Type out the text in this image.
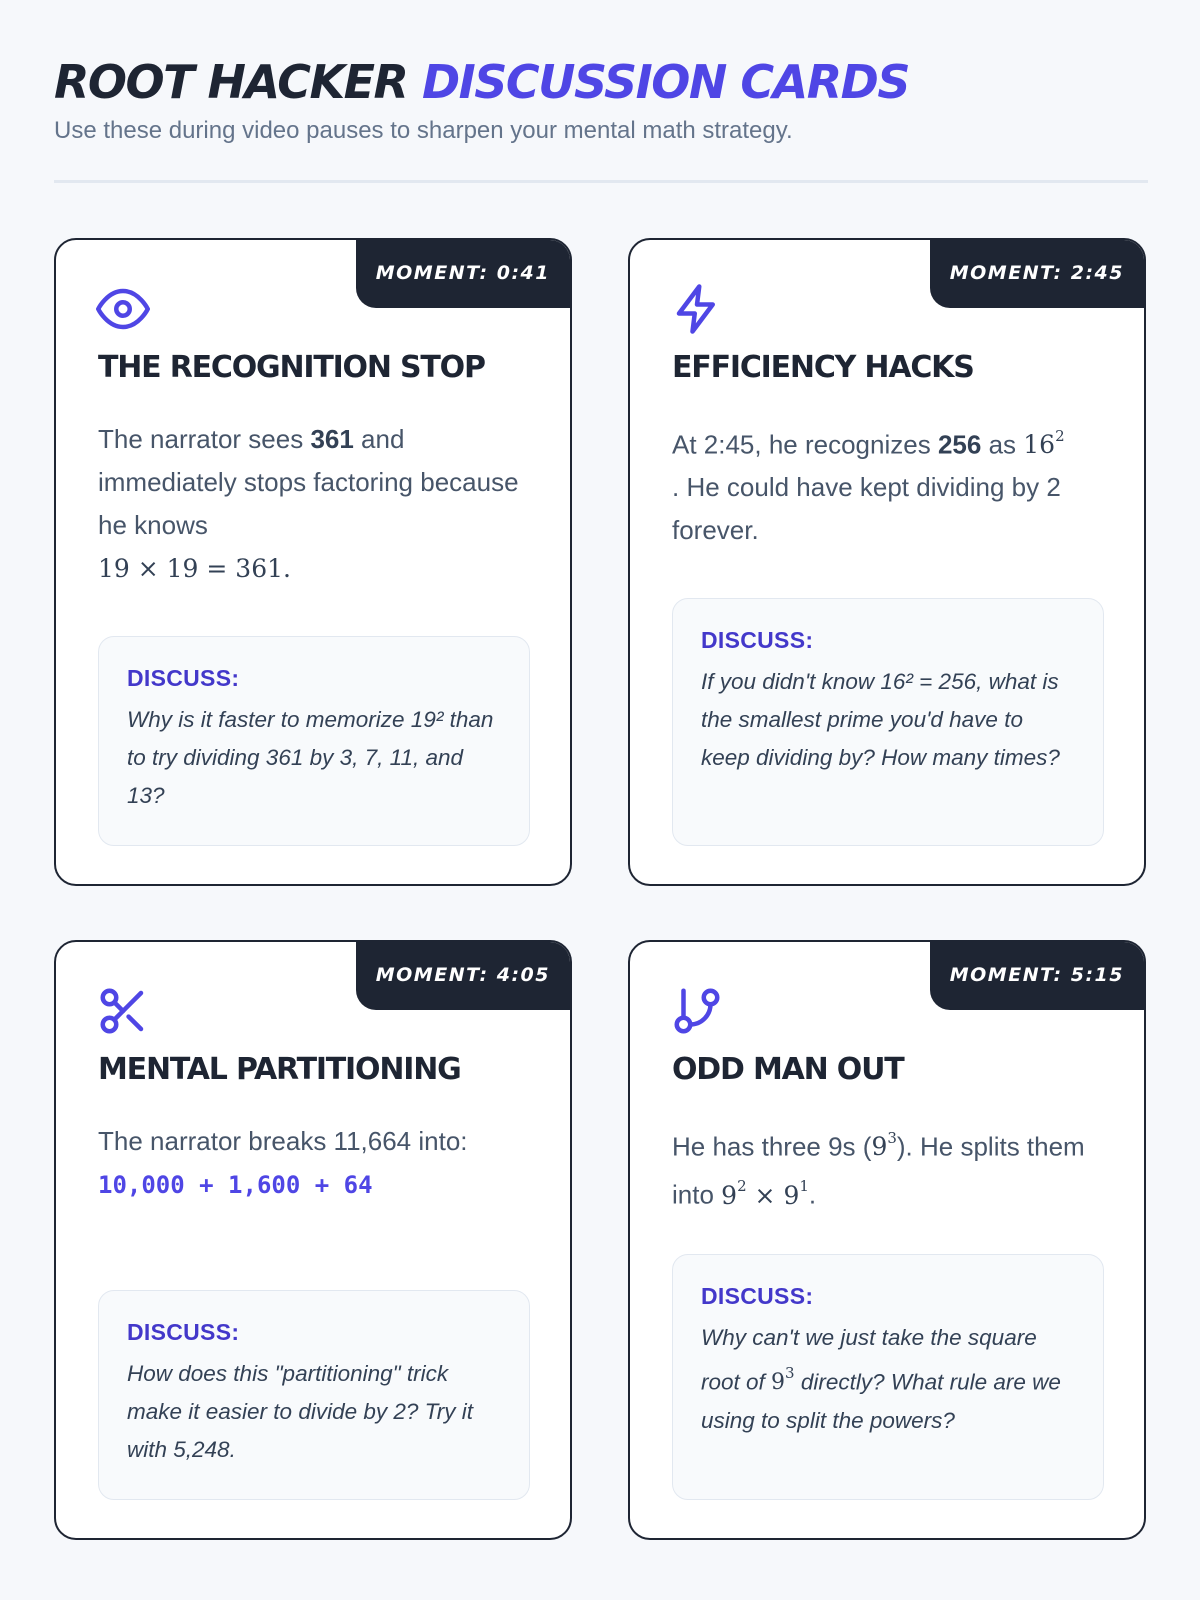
ROOT HACKER DISCUSSION CARDS
Use these during video pauses to sharpen your mental math strategy.
MOMENT: 0:41
THE RECOGNITION STOP
The narrator sees 361 and immediately stops factoring because he knows
19 × 19 = 361.
DISCUSS:
Why is it faster to memorize 19² than to try dividing 361 by 3, 7, 11, and 13?
MOMENT: 2:45
EFFICIENCY HACKS
At 2:45, he recognizes 256 as $16^2$
. He could have kept dividing by 2 forever.
DISCUSS:
If you didn't know 16² = 256, what is the smallest prime you'd have to keep dividing by? How many times?
MOMENT: 4:05
MENTAL PARTITIONING
The narrator breaks 11,664 into:
10,000 + 1,600 + 64
DISCUSS:
How does this "partitioning" trick make it easier to divide by 2? Try it with 5,248.
MOMENT: 5:15
ODD MAN OUT
He has three 9s $(9^3)$. He splits them into $9^2 \times 9^1$.
DISCUSS:
Why can't we just take the square root of $9^3$ directly? What rule are we using to split the powers?
